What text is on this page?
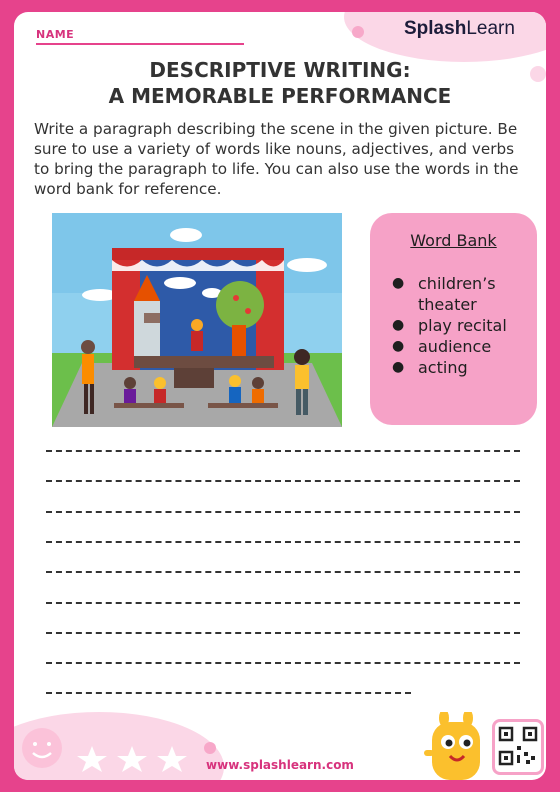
NAME	SplashLearn
DESCRIPTIVE WRITING:
A MEMORABLE PERFORMANCE
Write a paragraph describing the scene in the given picture. Be sure to use a variety of words like nouns, adjectives, and verbs to bring the paragraph to life. You can also use the words in the word bank for reference.
Word Bank
● children’s theater
● play recital
● audience
● acting
www.splashlearn.com
